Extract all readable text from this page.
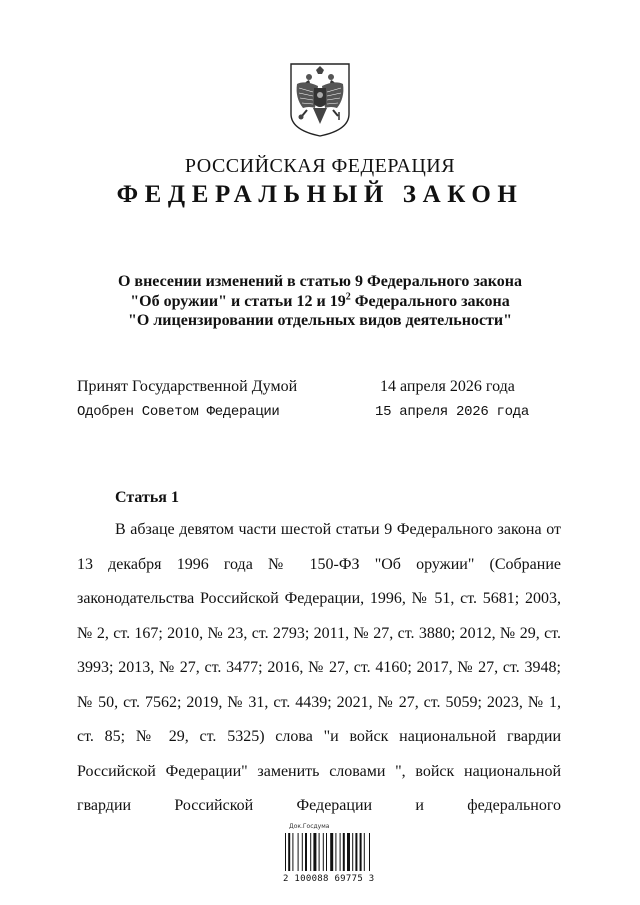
РОССИЙСКАЯ ФЕДЕРАЦИЯ
ФЕДЕРАЛЬНЫЙ ЗАКОН
О внесении изменений в статью 9 Федерального закона
"Об оружии" и статьи 12 и $19^2$ Федерального закона
"О лицензировании отдельных видов деятельности"
Принят Государственной Думой	14 апреля 2026 года
Одобрен Советом Федерации	15 апреля 2026 года
Статья 1

В абзаце девятом части шестой статьи 9 Федерального закона от 13 декабря 1996 года № 150-ФЗ "Об оружии" (Собрание законодательства Российской Федерации, 1996, № 51, ст. 5681; 2003, № 2, ст. 167; 2010, № 23, ст. 2793; 2011, № 27, ст. 3880; 2012, № 29, ст. 3993; 2013, № 27, ст. 3477; 2016, № 27, ст. 4160; 2017, № 27, ст. 3948; № 50, ст. 7562; 2019, № 31, ст. 4439; 2021, № 27, ст. 5059; 2023, № 1, ст. 85; № 29, ст. 5325) слова "и войск национальной гвардии Российской Федерации" заменить словами ", войск национальной гвардии Российской Федерации и федерального

Док.Госдума
2 100088 69775 3
